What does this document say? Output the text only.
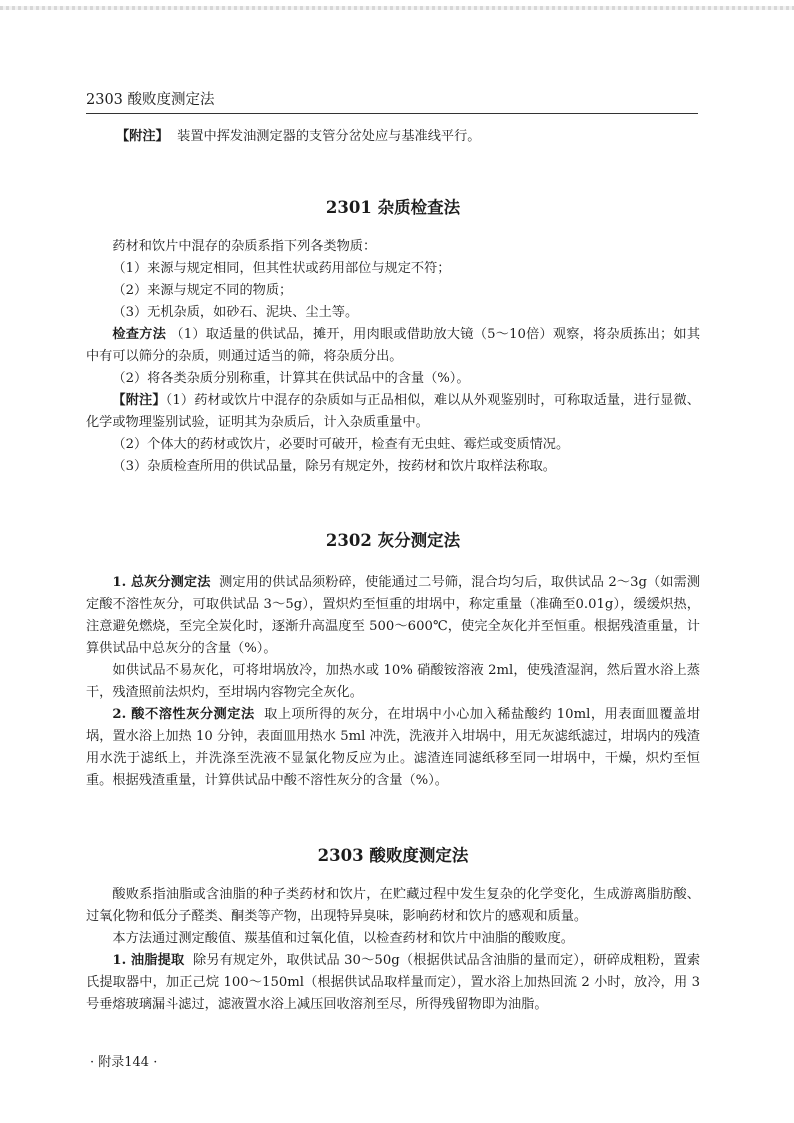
2303 酸败度测定法

【附注】 装置中挥发油测定器的支管分岔处应与基准线平行。

2301 杂质检查法

药材和饮片中混存的杂质系指下列各类物质：

（1）来源与规定相同，但其性状或药用部位与规定不符；

（2）来源与规定不同的物质；

（3）无机杂质，如砂石、泥块、尘土等。

检查方法 （1）取适量的供试品，摊开，用肉眼或借助放大镜（5～10倍）观察，将杂质拣出；如其中有可以筛分的杂质，则通过适当的筛，将杂质分出。

（2）将各类杂质分别称重，计算其在供试品中的含量（%）。

【附注】（1）药材或饮片中混存的杂质如与正品相似，难以从外观鉴别时，可称取适量，进行显微、化学或物理鉴别试验，证明其为杂质后，计入杂质重量中。

（2）个体大的药材或饮片，必要时可破开，检查有无虫蛀、霉烂或变质情况。

（3）杂质检查所用的供试品量，除另有规定外，按药材和饮片取样法称取。

2302 灰分测定法

1. 总灰分测定法 测定用的供试品须粉碎，使能通过二号筛，混合均匀后，取供试品 2～3g（如需测定酸不溶性灰分，可取供试品 3～5g），置炽灼至恒重的坩埚中，称定重量（准确至0.01g），缓缓炽热，注意避免燃烧，至完全炭化时，逐渐升高温度至 500～600℃，使完全灰化并至恒重。根据残渣重量，计算供试品中总灰分的含量（%）。

如供试品不易灰化，可将坩埚放冷，加热水或 10% 硝酸铵溶液 2ml，使残渣湿润，然后置水浴上蒸干，残渣照前法炽灼，至坩埚内容物完全灰化。

2. 酸不溶性灰分测定法 取上项所得的灰分，在坩埚中小心加入稀盐酸约 10ml，用表面皿覆盖坩埚，置水浴上加热 10 分钟，表面皿用热水 5ml 冲洗，洗液并入坩埚中，用无灰滤纸滤过，坩埚内的残渣用水洗于滤纸上，并洗涤至洗液不显氯化物反应为止。滤渣连同滤纸移至同一坩埚中，干燥，炽灼至恒重。根据残渣重量，计算供试品中酸不溶性灰分的含量（%）。

2303 酸败度测定法

酸败系指油脂或含油脂的种子类药材和饮片，在贮藏过程中发生复杂的化学变化，生成游离脂肪酸、过氧化物和低分子醛类、酮类等产物，出现特异臭味，影响药材和饮片的感观和质量。

本方法通过测定酸值、羰基值和过氧化值，以检查药材和饮片中油脂的酸败度。

1. 油脂提取 除另有规定外，取供试品 30～50g（根据供试品含油脂的量而定），研碎成粗粉，置索氏提取器中，加正己烷 100～150ml（根据供试品取样量而定），置水浴上加热回流 2 小时，放冷，用 3 号垂熔玻璃漏斗滤过，滤液置水浴上减压回收溶剂至尽，所得残留物即为油脂。

· 附录144 ·
